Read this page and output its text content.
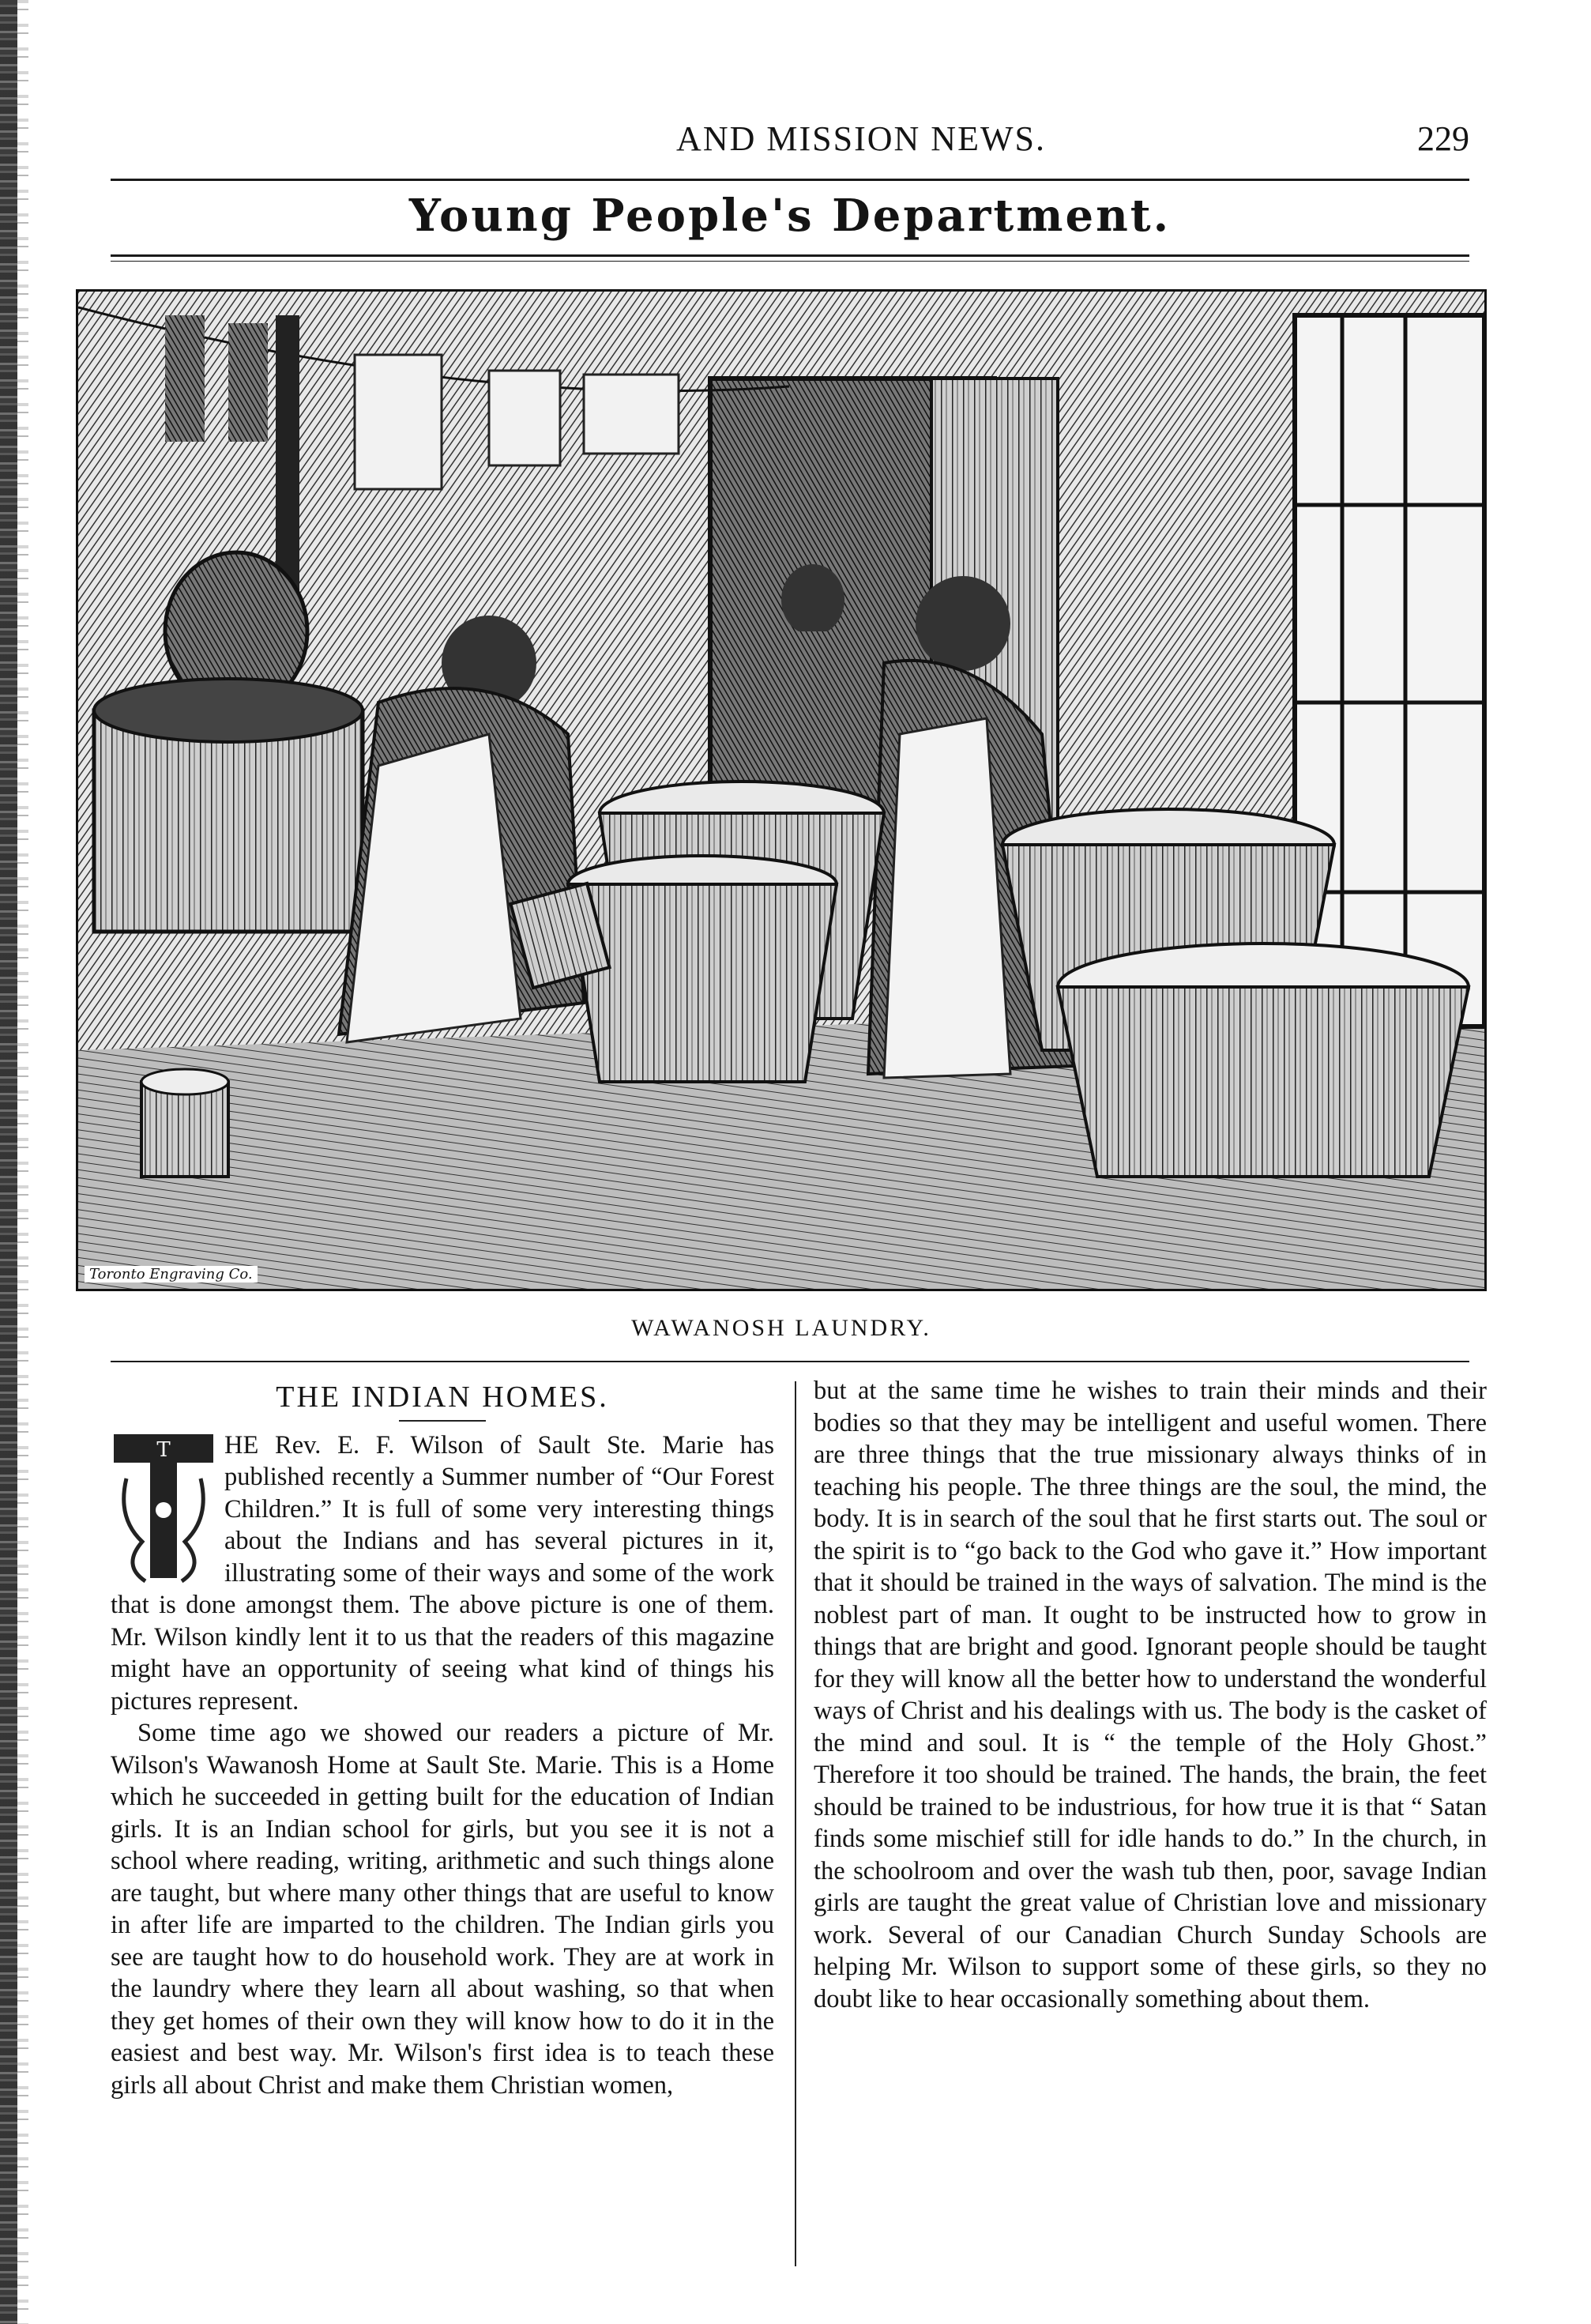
AND MISSION NEWS.	229
Young People's Department.
Toronto Engraving Co.
WAWANOSH LAUNDRY.
THE INDIAN HOMES.

T HE Rev. E. F. Wilson of Sault Ste. Marie has published recently a Summer number of “Our Forest Children.” It is full of some very interesting things about the Indians and has several pictures in it, illustrating some of their ways and some of the work that is done amongst them. The above picture is one of them. Mr. Wilson kindly lent it to us that the readers of this magazine might have an opportunity of seeing what kind of things his pictures represent.

Some time ago we showed our readers a picture of Mr. Wilson's Wawanosh Home at Sault Ste. Marie. This is a Home which he succeeded in getting built for the education of Indian girls. It is an Indian school for girls, but you see it is not a school where reading, writing, arithmetic and such things alone are taught, but where many other things that are useful to know in after life are imparted to the children. The Indian girls you see are taught how to do household work. They are at work in the laundry where they learn all about washing, so that when they get homes of their own they will know how to do it in the easiest and best way. Mr. Wilson's first idea is to teach these girls all about Christ and make them Christian women,

but at the same time he wishes to train their minds and their bodies so that they may be intelligent and useful women. There are three things that the true missionary always thinks of in teaching his people. The three things are the soul, the mind, the body. It is in search of the soul that he first starts out. The soul or the spirit is to “go back to the God who gave it.” How important that it should be trained in the ways of salvation. The mind is the noblest part of man. It ought to be instructed how to grow in things that are bright and good. Ignorant people should be taught for they will know all the better how to understand the wonderful ways of Christ and his dealings with us. The body is the casket of the mind and soul. It is “ the temple of the Holy Ghost.” Therefore it too should be trained. The hands, the brain, the feet should be trained to be industrious, for how true it is that “ Satan finds some mischief still for idle hands to do.” In the church, in the schoolroom and over the wash tub then, poor, savage Indian girls are taught the great value of Christian love and missionary work. Several of our Canadian Church Sunday Schools are helping Mr. Wilson to support some of these girls, so they no doubt like to hear occasionally something about them.
